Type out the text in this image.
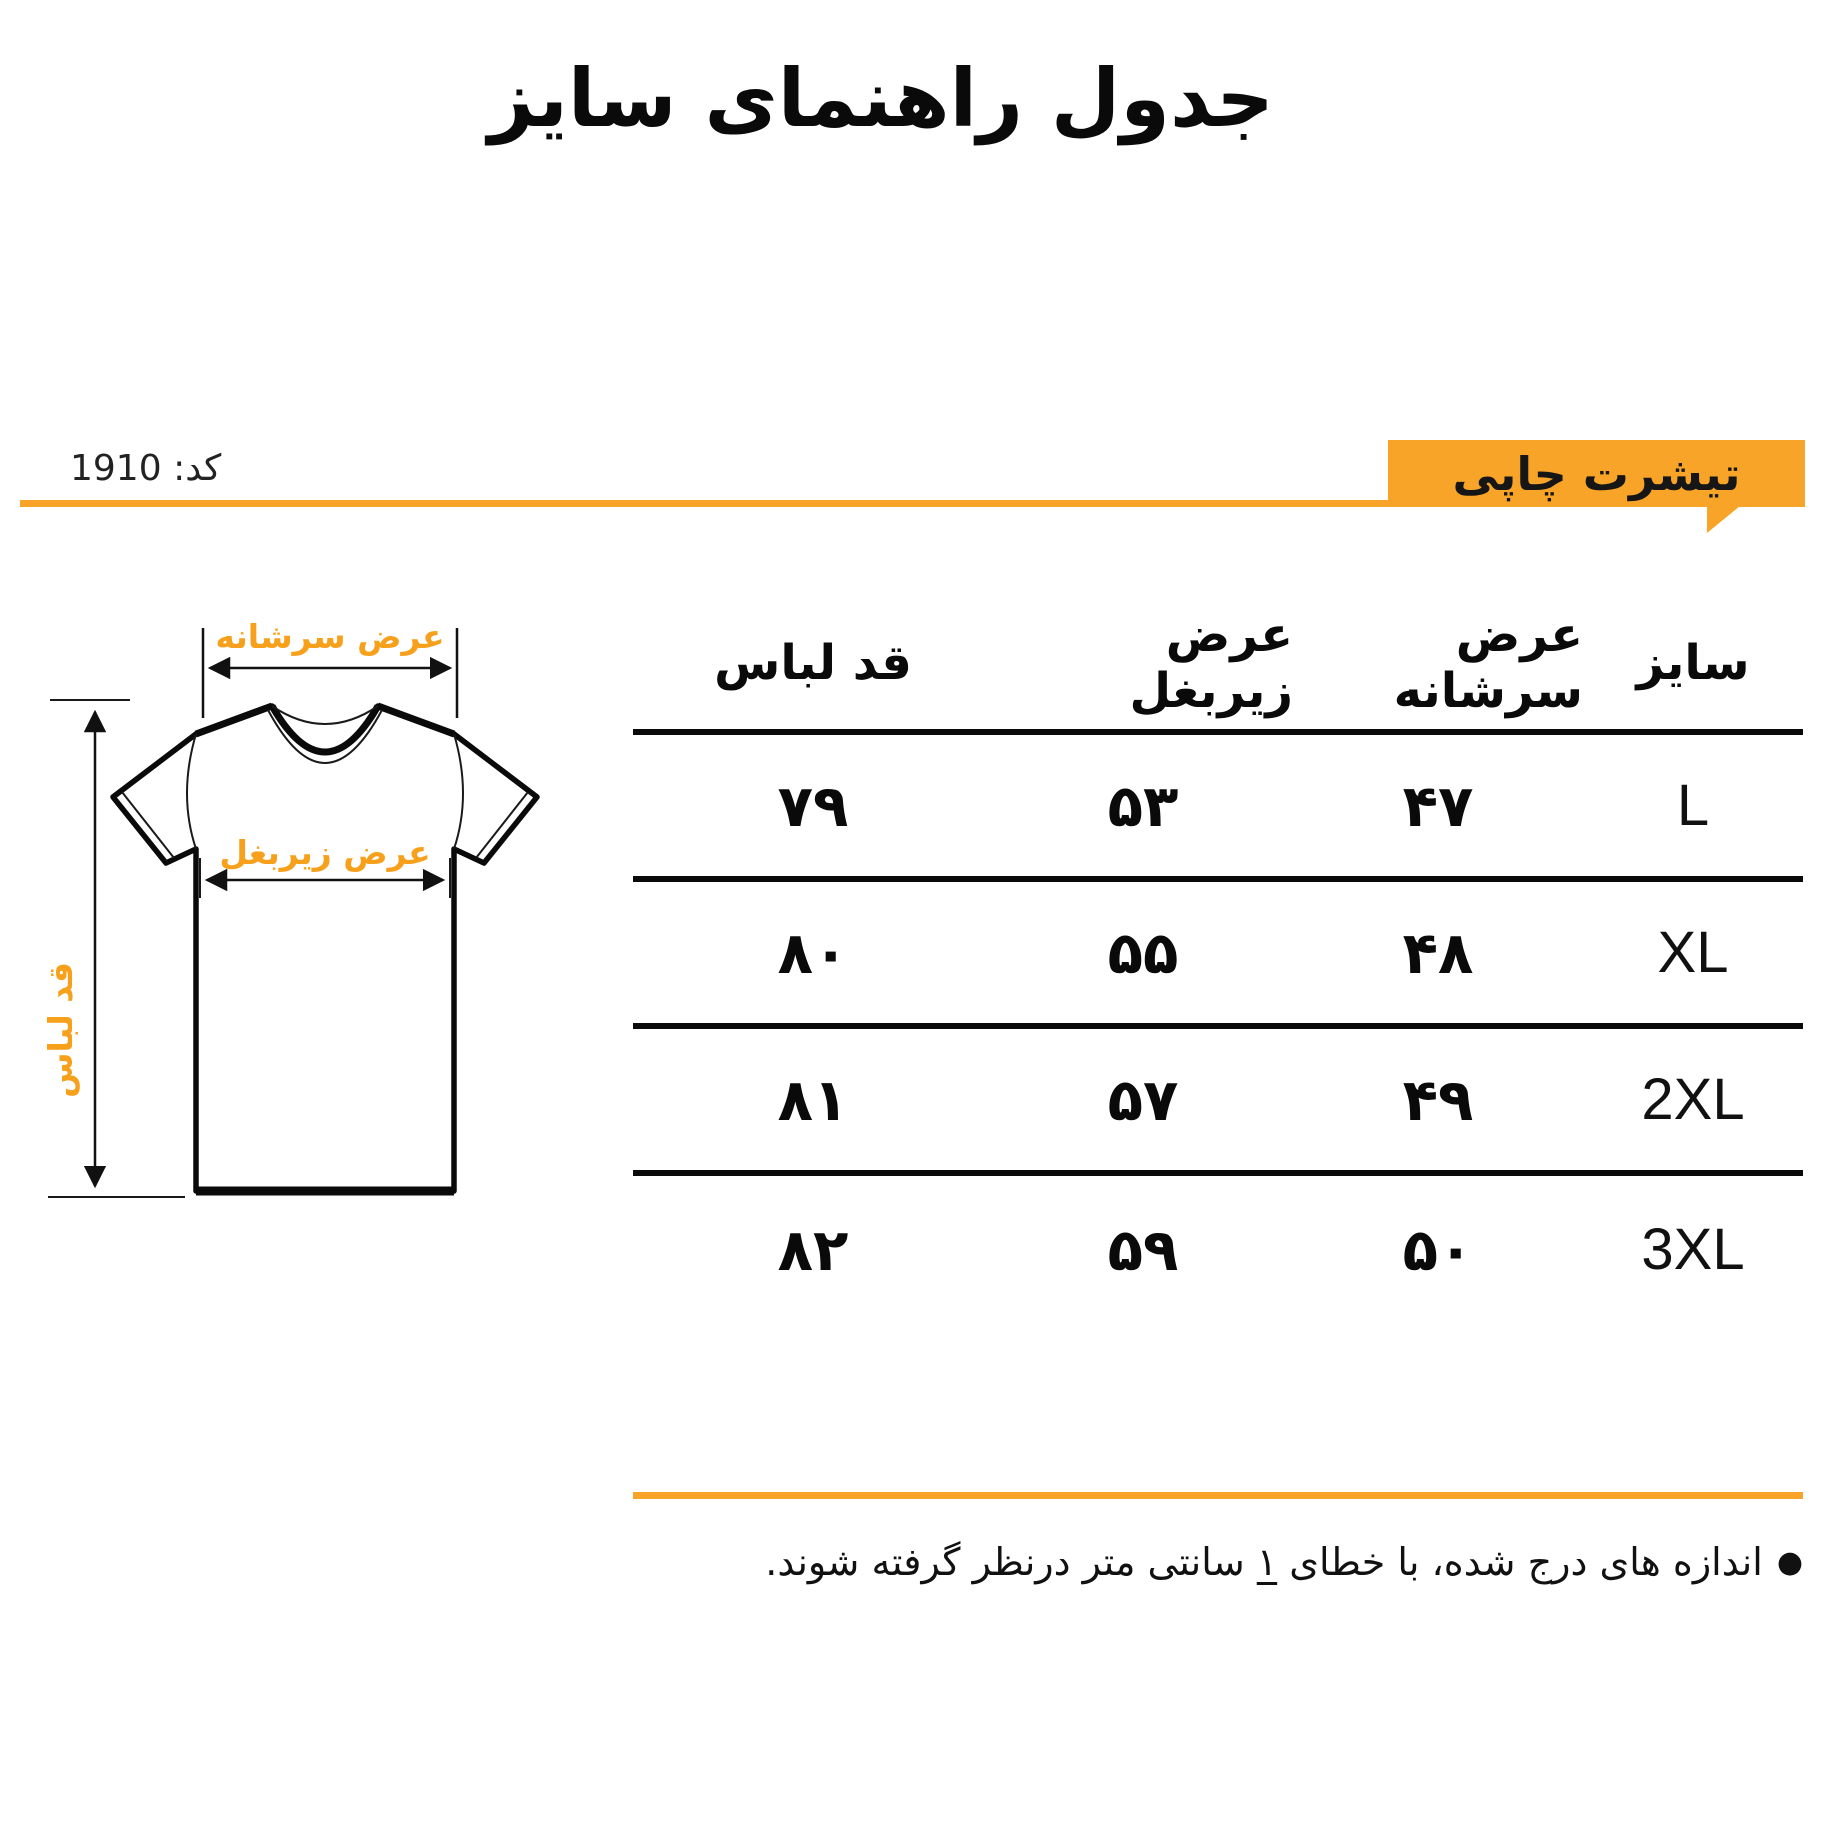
جدول راهنمای سایز
تیشرت چاپی
کد: 1910
عرض سرشانه
عرض زیربغل
قد لباس
سایز
عرض سرشانه
عرض زیربغل
قد لباس
L
۴۷
۵۳
۷۹
XL
۴۸
۵۵
۸۰
2XL
۴۹
۵۷
۸۱
3XL
۵۰
۵۹
۸۲
●اندازه های درج شده، با خطای ۱ سانتی متر درنظر گرفته شوند.
